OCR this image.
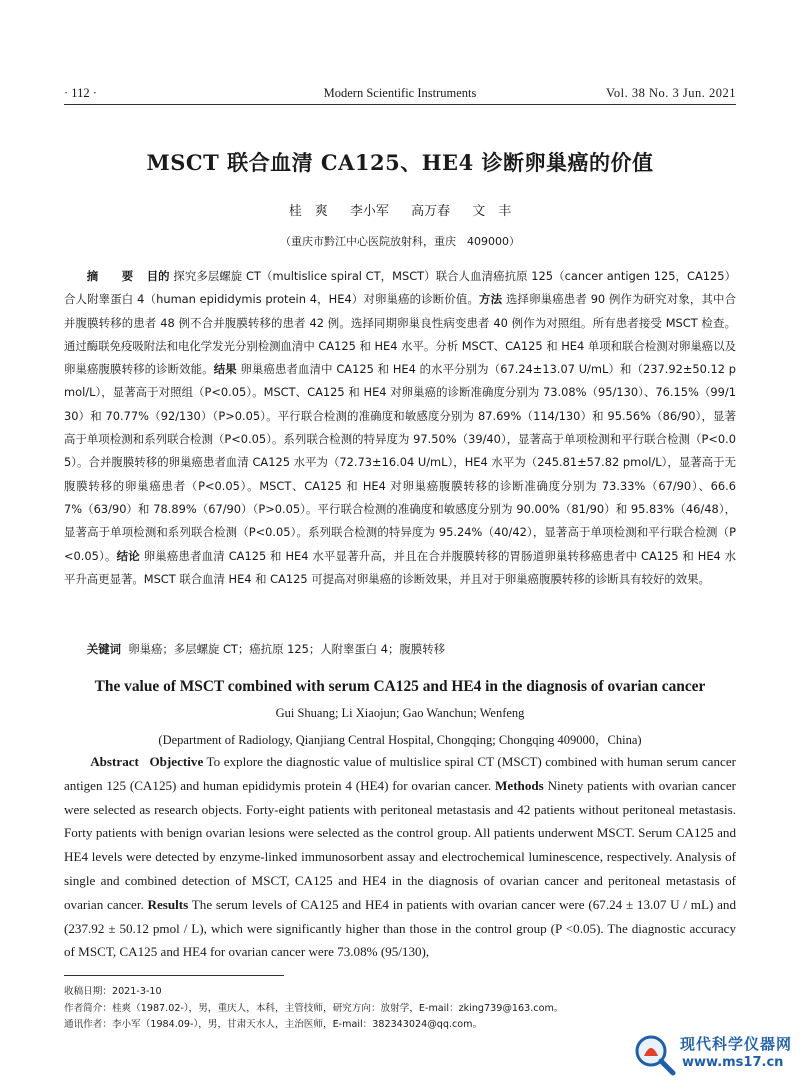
· 112 ·	Modern Scientific Instruments	Vol. 38 No. 3 Jun. 2021
MSCT 联合血清 CA125、HE4 诊断卵巢癌的价值
桂　爽 李小军 高万春 文　丰
（重庆市黔江中心医院放射科，重庆　409000）
摘　要 目的 探究多层螺旋 CT（multislice spiral CT，MSCT）联合人血清癌抗原 125（cancer antigen 125，CA125）合人附睾蛋白 4（human epididymis protein 4，HE4）对卵巢癌的诊断价值。方法 选择卵巢癌患者 90 例作为研究对象，其中合并腹膜转移的患者 48 例不合并腹膜转移的患者 42 例。选择同期卵巢良性病变患者 40 例作为对照组。所有患者接受 MSCT 检查。通过酶联免疫吸附法和电化学发光分别检测血清中 CA125 和 HE4 水平。分析 MSCT、CA125 和 HE4 单项和联合检测对卵巢癌以及卵巢癌腹膜转移的诊断效能。结果 卵巢癌患者血清中 CA125 和 HE4 的水平分别为（67.24±13.07 U/mL）和（237.92±50.12 pmol/L），显著高于对照组（P<0.05）。MSCT、CA125 和 HE4 对卵巢癌的诊断准确度分别为 73.08%（95/130）、76.15%（99/130）和 70.77%（92/130）（P>0.05）。平行联合检测的准确度和敏感度分别为 87.69%（114/130）和 95.56%（86/90），显著高于单项检测和系列联合检测（P<0.05）。系列联合检测的特异度为 97.50%（39/40），显著高于单项检测和平行联合检测（P<0.05）。合并腹膜转移的卵巢癌患者血清 CA125 水平为（72.73±16.04 U/mL），HE4 水平为（245.81±57.82 pmol/L），显著高于无腹膜转移的卵巢癌患者（P<0.05）。MSCT、CA125 和 HE4 对卵巢癌腹膜转移的诊断准确度分别为 73.33%（67/90）、66.67%（63/90）和 78.89%（67/90）（P>0.05）。平行联合检测的准确度和敏感度分别为 90.00%（81/90）和 95.83%（46/48），显著高于单项检测和系列联合检测（P<0.05）。系列联合检测的特异度为 95.24%（40/42），显著高于单项检测和平行联合检测（P<0.05）。结论 卵巢癌患者血清 CA125 和 HE4 水平显著升高，并且在合并腹膜转移的胃肠道卵巢转移癌患者中 CA125 和 HE4 水平升高更显著。MSCT 联合血清 HE4 和 CA125 可提高对卵巢癌的诊断效果，并且对于卵巢癌腹膜转移的诊断具有较好的效果。
关键词 卵巢癌；多层螺旋 CT；癌抗原 125；人附睾蛋白 4；腹膜转移
The value of MSCT combined with serum CA125 and HE4 in the diagnosis of ovarian cancer
Gui Shuang; Li Xiaojun; Gao Wanchun; Wenfeng
(Department of Radiology, Qianjiang Central Hospital, Chongqing; Chongqing 409000，China)
Abstract Objective To explore the diagnostic value of multislice spiral CT (MSCT) combined with human serum cancer antigen 125 (CA125) and human epididymis protein 4 (HE4) for ovarian cancer. Methods Ninety patients with ovarian cancer were selected as research objects. Forty-eight patients with peritoneal metastasis and 42 patients without peritoneal metastasis. Forty patients with benign ovarian lesions were selected as the control group. All patients underwent MSCT. Serum CA125 and HE4 levels were detected by enzyme-linked immunosorbent assay and electrochemical luminescence, respectively. Analysis of single and combined detection of MSCT, CA125 and HE4 in the diagnosis of ovarian cancer and peritoneal metastasis of ovarian cancer. Results The serum levels of CA125 and HE4 in patients with ovarian cancer were (67.24 ± 13.07 U / mL) and (237.92 ± 50.12 pmol / L), which were significantly higher than those in the control group (P <0.05). The diagnostic accuracy of MSCT, CA125 and HE4 for ovarian cancer were 73.08% (95/130),
收稿日期：2021-3-10
作者简介：桂爽（1987.02-），男，重庆人，本科，主管技师，研究方向：放射学，E-mail：zking739@163.com。
通讯作者：李小军（1984.09-），男，甘肃天水人，主治医师，E-mail：382343024@qq.com。
现代科学仪器网
www.ms17.cn
